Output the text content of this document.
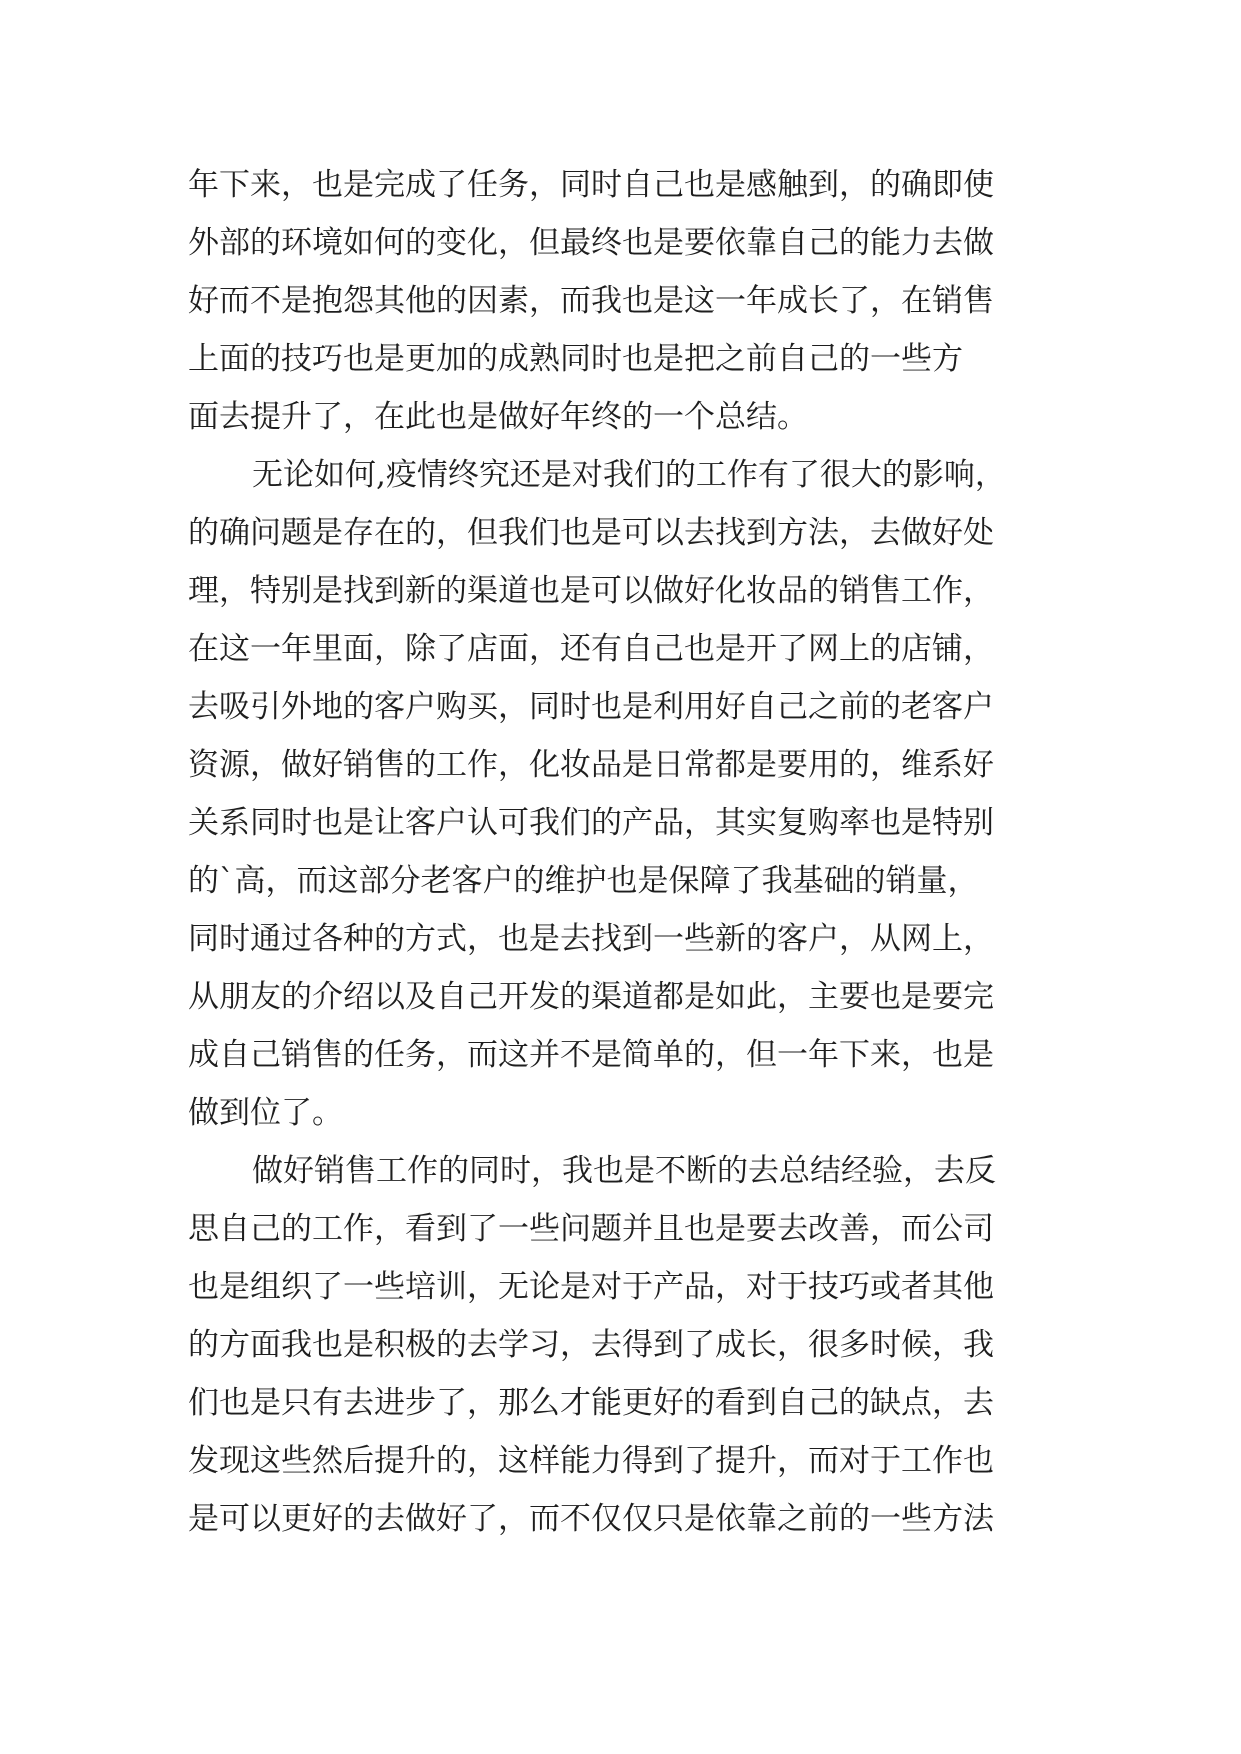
年下来，也是完成了任务，同时自己也是感触到，的确即使
外部的环境如何的变化，但最终也是要依靠自己的能力去做
好而不是抱怨其他的因素，而我也是这一年成长了，在销售
上面的技巧也是更加的成熟同时也是把之前自己的一些方
面去提升了，在此也是做好年终的一个总结。

无论如何,疫情终究还是对我们的工作有了很大的影响，
的确问题是存在的，但我们也是可以去找到方法，去做好处
理，特别是找到新的渠道也是可以做好化妆品的销售工作，
在这一年里面，除了店面，还有自己也是开了网上的店铺，
去吸引外地的客户购买，同时也是利用好自己之前的老客户
资源，做好销售的工作，化妆品是日常都是要用的，维系好
关系同时也是让客户认可我们的产品，其实复购率也是特别
的`高，而这部分老客户的维护也是保障了我基础的销量，
同时通过各种的方式，也是去找到一些新的客户，从网上，
从朋友的介绍以及自己开发的渠道都是如此，主要也是要完
成自己销售的任务，而这并不是简单的，但一年下来，也是
做到位了。

做好销售工作的同时，我也是不断的去总结经验，去反
思自己的工作，看到了一些问题并且也是要去改善，而公司
也是组织了一些培训，无论是对于产品，对于技巧或者其他
的方面我也是积极的去学习，去得到了成长，很多时候，我
们也是只有去进步了，那么才能更好的看到自己的缺点，去
发现这些然后提升的，这样能力得到了提升，而对于工作也
是可以更好的去做好了，而不仅仅只是依靠之前的一些方法
